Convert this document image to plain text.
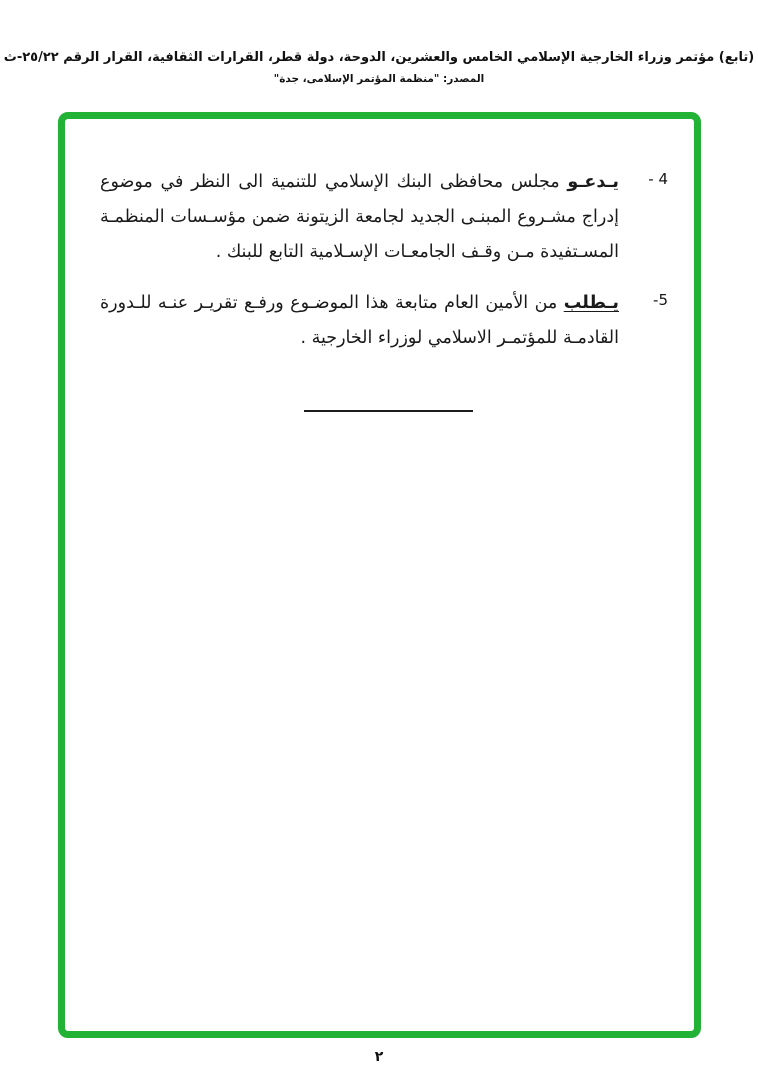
(تابع) مؤتمر وزراء الخارجية الإسلامي الخامس والعشرين، الدوحة، دولة قطر، القرارات الثقافية، القرار الرقم ٢٥/٢٢-ث
المصدر: "منظمة المؤتمر الإسلامى، جدة"
4 -

يـدعـو مجلس محافظى البنك الإسلامي للتنمية الى النظر في موضوع إدراج مشـروع المبنـى الجديد لجامعة الزيتونة ضمن مؤسـسات المنظمـة المسـتفيدة مـن وقـف الجامعـات الإسـلامية التابع للبنك .

5-

يـطلب من الأمين العام متابعة هذا الموضـوع ورفـع تقريـر عنـه للـدورة القادمـة للمؤتمـر الاسلامي لوزراء الخارجية .

٢
